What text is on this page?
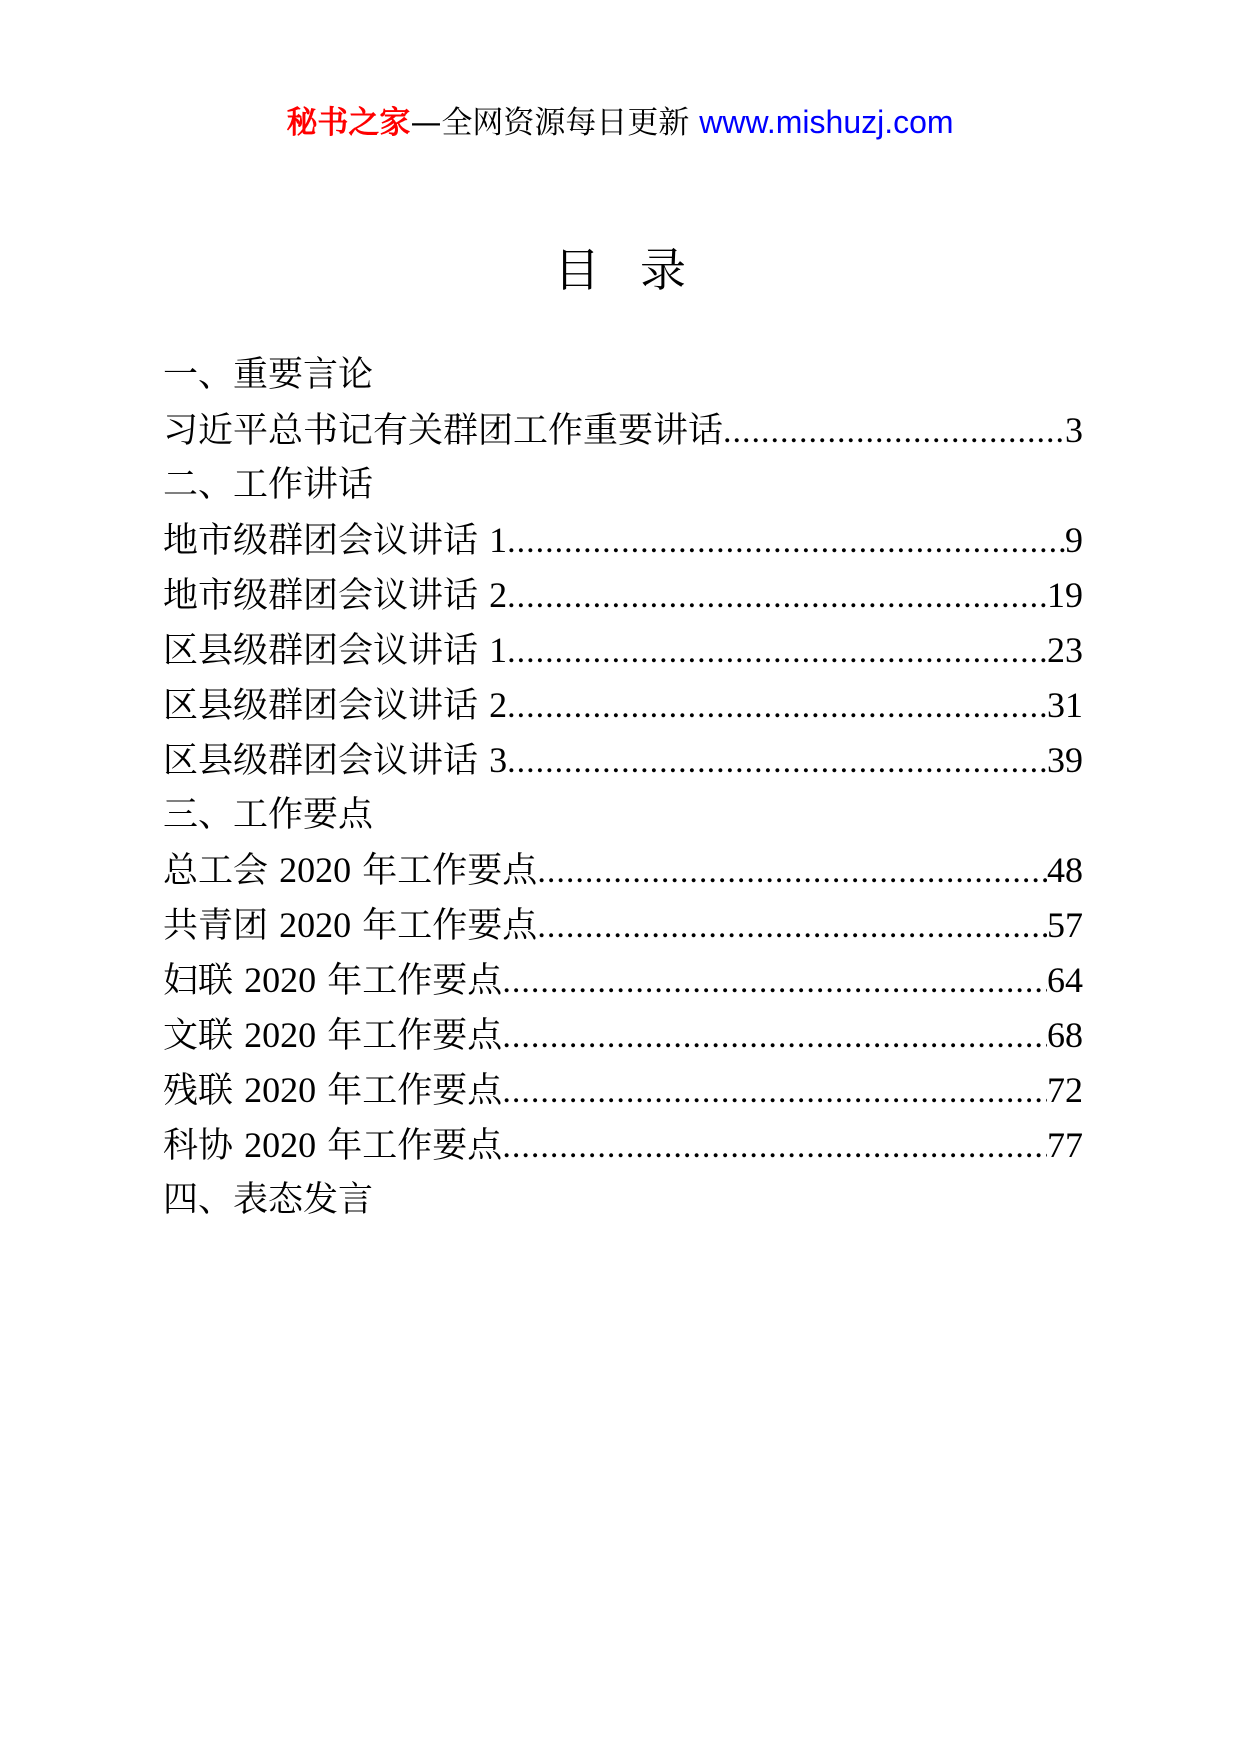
秘书之家—全网资源每日更新 www.mishuzj.com
目录
一、重要言论
习近平总书记有关群团工作重要讲话 .....	3
二、工作讲话
地市级群团会议讲话 1 .....	9
地市级群团会议讲话 2 .....	19
区县级群团会议讲话 1 .....	23
区县级群团会议讲话 2 .....	31
区县级群团会议讲话 3 .....	39
三、工作要点
总工会 2020 年工作要点 .....	48
共青团 2020 年工作要点 .....	57
妇联 2020 年工作要点 .....	64
文联 2020 年工作要点 .....	68
残联 2020 年工作要点 .....	72
科协 2020 年工作要点 .....	77
四、表态发言
